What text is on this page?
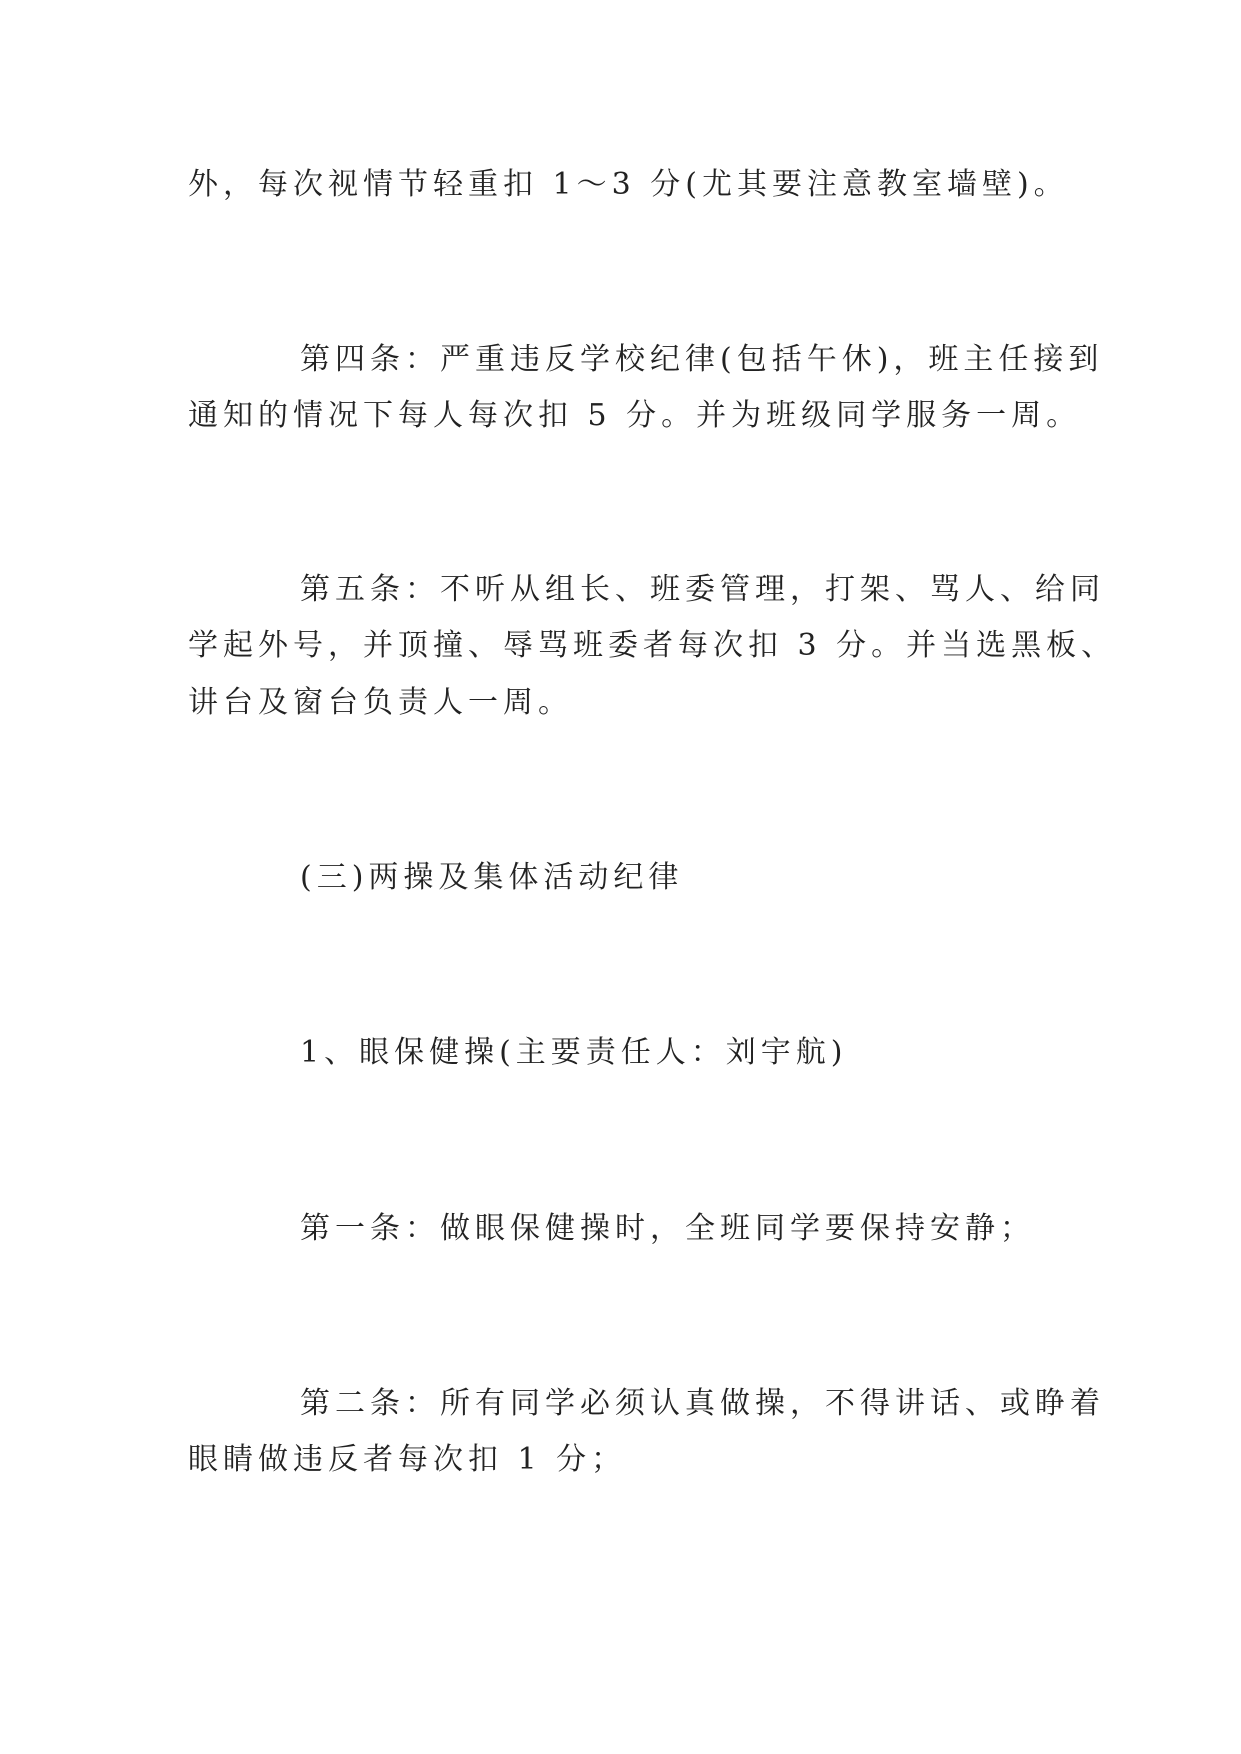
外，每次视情节轻重扣 1～3 分(尤其要注意教室墙壁)。
第四条：严重违反学校纪律(包括午休)，班主任接到
通知的情况下每人每次扣 5 分。并为班级同学服务一周。
第五条：不听从组长、班委管理，打架、骂人、给同
学起外号，并顶撞、辱骂班委者每次扣 3 分。并当选黑板、
讲台及窗台负责人一周。
(三)两操及集体活动纪律
1、眼保健操(主要责任人：刘宇航)
第一条：做眼保健操时，全班同学要保持安静；
第二条：所有同学必须认真做操，不得讲话、或睁着
眼睛做违反者每次扣 1 分；
